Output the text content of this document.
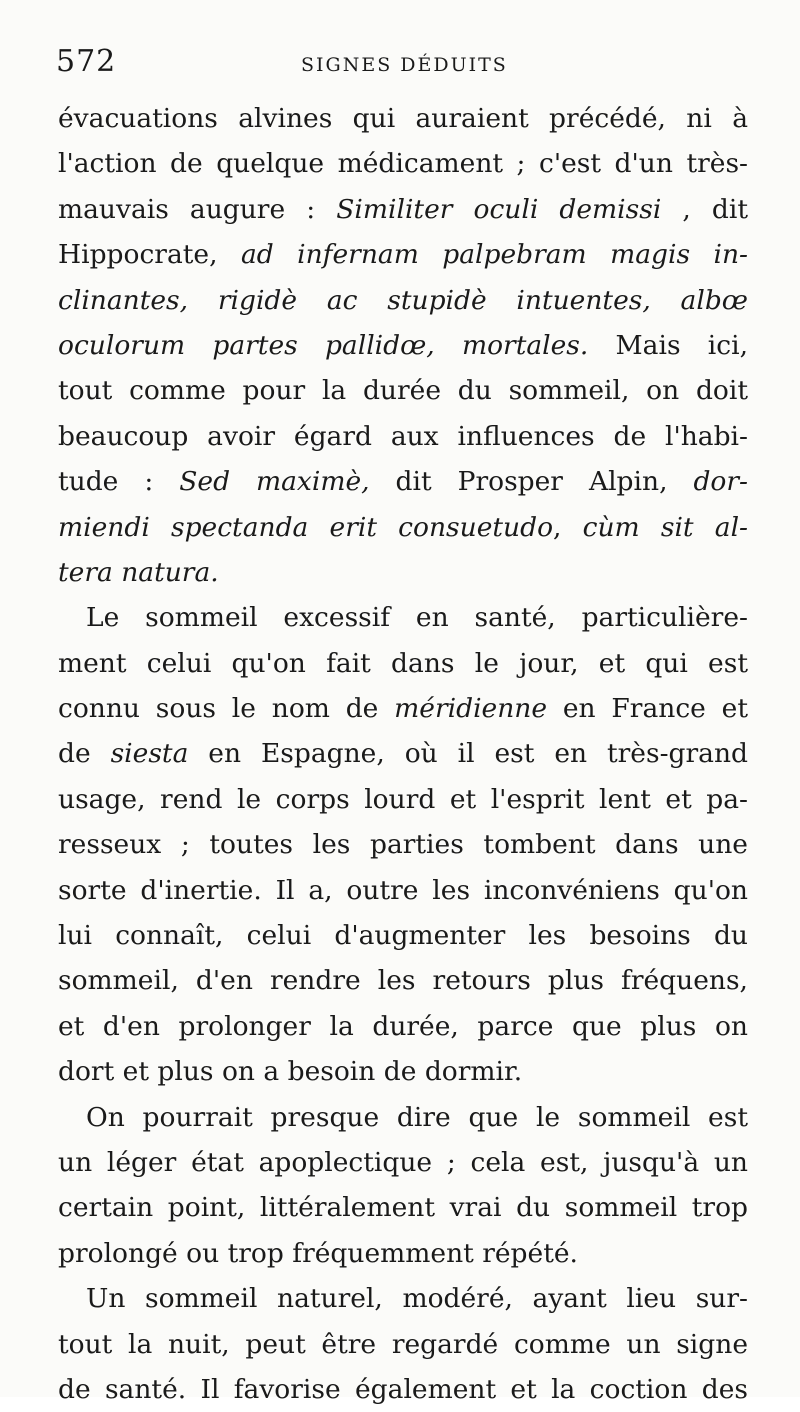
572	SIGNES DÉDUITS
évacuations alvines qui auraient précédé, ni à
l'action de quelque médicament ; c'est d'un très-
mauvais augure : Similiter oculi demissi , dit
Hippocrate, ad infernam palpebram magis in-
clinantes, rigidè ac stupidè intuentes, albœ
oculorum partes pallidœ, mortales. Mais ici,
tout comme pour la durée du sommeil, on doit
beaucoup avoir égard aux influences de l'habi-
tude : Sed maximè, dit Prosper Alpin, dor-
miendi spectanda erit consuetudo, cùm sit al-
tera natura.
Le sommeil excessif en santé, particulière-
ment celui qu'on fait dans le jour, et qui est
connu sous le nom de méridienne en France et
de siesta en Espagne, où il est en très-grand
usage, rend le corps lourd et l'esprit lent et pa-
resseux ; toutes les parties tombent dans une
sorte d'inertie. Il a, outre les inconvéniens qu'on
lui connaît, celui d'augmenter les besoins du
sommeil, d'en rendre les retours plus fréquens,
et d'en prolonger la durée, parce que plus on
dort et plus on a besoin de dormir.
On pourrait presque dire que le sommeil est
un léger état apoplectique ; cela est, jusqu'à un
certain point, littéralement vrai du sommeil trop
prolongé ou trop fréquemment répété.
Un sommeil naturel, modéré, ayant lieu sur-
tout la nuit, peut être regardé comme un signe
de santé. Il favorise également et la coction des
